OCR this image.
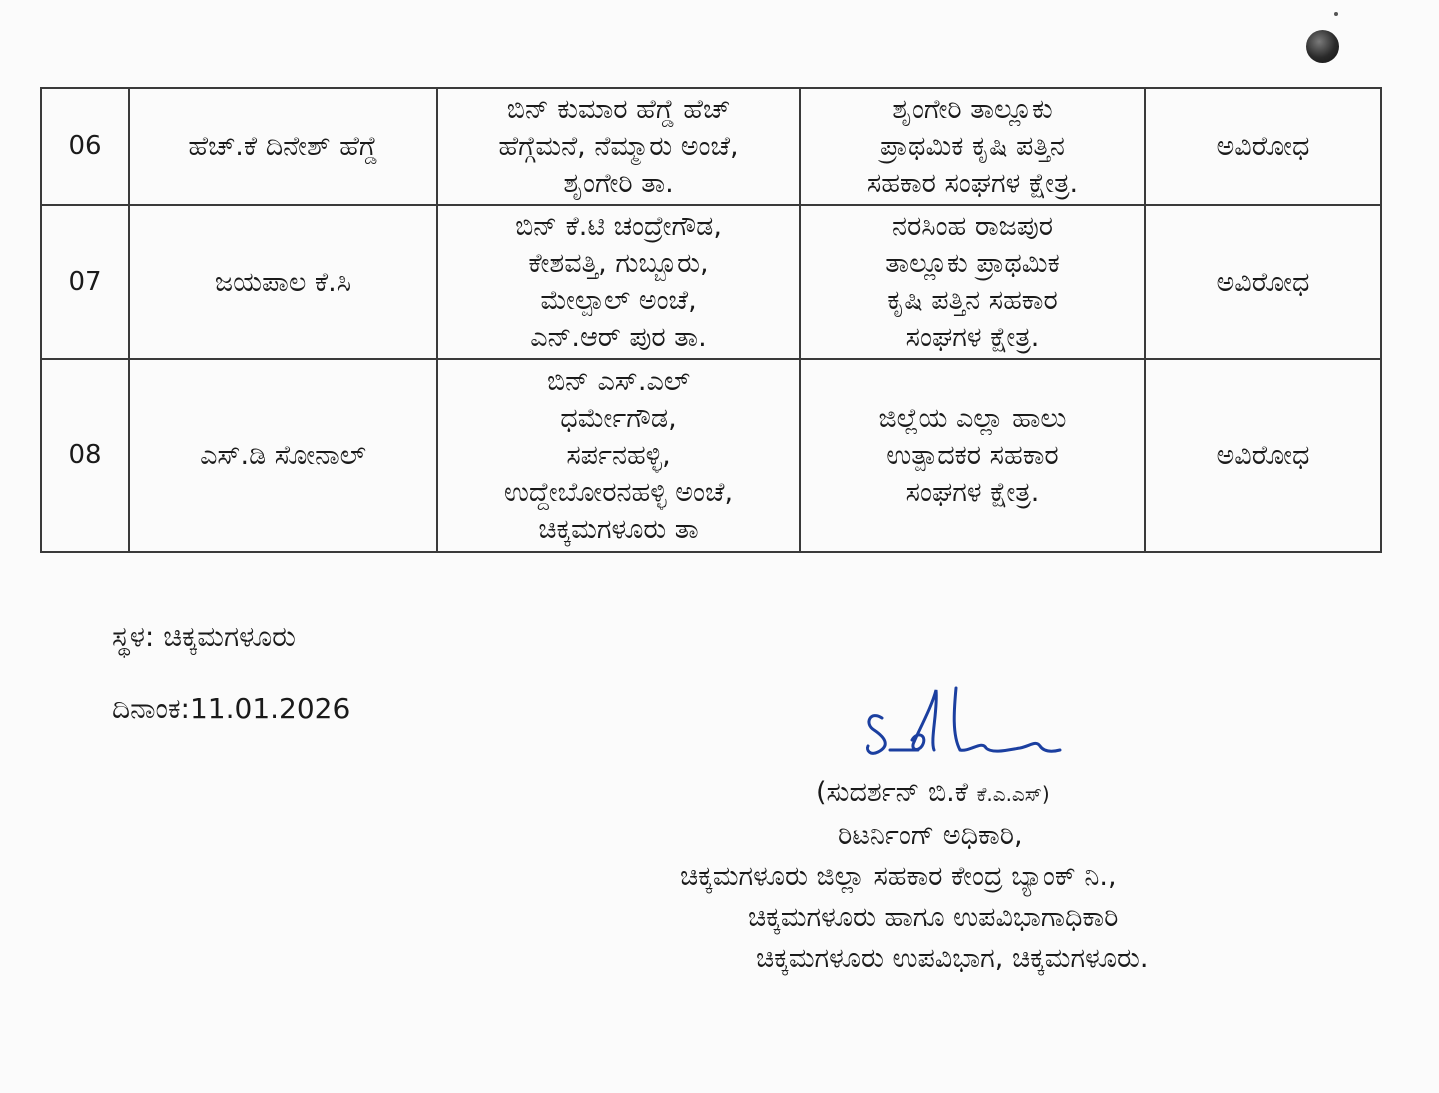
06	ಹೆಚ್.ಕೆ ದಿನೇಶ್ ಹೆಗ್ಡೆ	ಬಿನ್ ಕುಮಾರ ಹೆಗ್ಡೆ ಹೆಚ್
ಹೆಗ್ಗೆಮನೆ, ನೆಮ್ಮಾರು ಅಂಚೆ,
ಶೃಂಗೇರಿ ತಾ.	ಶೃಂಗೇರಿ ತಾಲ್ಲೂಕು
ಪ್ರಾಥಮಿಕ ಕೃಷಿ ಪತ್ತಿನ
ಸಹಕಾರ ಸಂಘಗಳ ಕ್ಷೇತ್ರ.	ಅವಿರೋಧ
07	ಜಯಪಾಲ ಕೆ.ಸಿ	ಬಿನ್ ಕೆ.ಟಿ ಚಂದ್ರೇಗೌಡ,
ಕೇಶವತ್ತಿ, ಗುಬ್ಬೂರು,
ಮೇಲ್ಪಾಲ್ ಅಂಚೆ,
ಎನ್.ಆರ್ ಪುರ ತಾ.	ನರಸಿಂಹ ರಾಜಪುರ
ತಾಲ್ಲೂಕು ಪ್ರಾಥಮಿಕ
ಕೃಷಿ ಪತ್ತಿನ ಸಹಕಾರ
ಸಂಘಗಳ ಕ್ಷೇತ್ರ.	ಅವಿರೋಧ
08	ಎಸ್.ಡಿ ಸೋನಾಲ್	ಬಿನ್ ಎಸ್.ಎಲ್
ಧರ್ಮೇಗೌಡ,
ಸರ್ಪನಹಳ್ಳಿ,
ಉದ್ದೇಬೋರನಹಳ್ಳಿ ಅಂಚೆ,
ಚಿಕ್ಕಮಗಳೂರು ತಾ	ಜಿಲ್ಲೆಯ ಎಲ್ಲಾ ಹಾಲು
ಉತ್ಪಾದಕರ ಸಹಕಾರ
ಸಂಘಗಳ ಕ್ಷೇತ್ರ.	ಅವಿರೋಧ
ಸ್ಥಳ: ಚಿಕ್ಕಮಗಳೂರು
ದಿನಾಂಕ:11.01.2026
(ಸುದರ್ಶನ್ ಬಿ.ಕೆ ಕೆ.ಎ.ಎಸ್)
ರಿಟರ್ನಿಂಗ್ ಅಧಿಕಾರಿ,
ಚಿಕ್ಕಮಗಳೂರು ಜಿಲ್ಲಾ ಸಹಕಾರ ಕೇಂದ್ರ ಬ್ಯಾಂಕ್ ನಿ.,
ಚಿಕ್ಕಮಗಳೂರು ಹಾಗೂ ಉಪವಿಭಾಗಾಧಿಕಾರಿ
ಚಿಕ್ಕಮಗಳೂರು ಉಪವಿಭಾಗ, ಚಿಕ್ಕಮಗಳೂರು.
